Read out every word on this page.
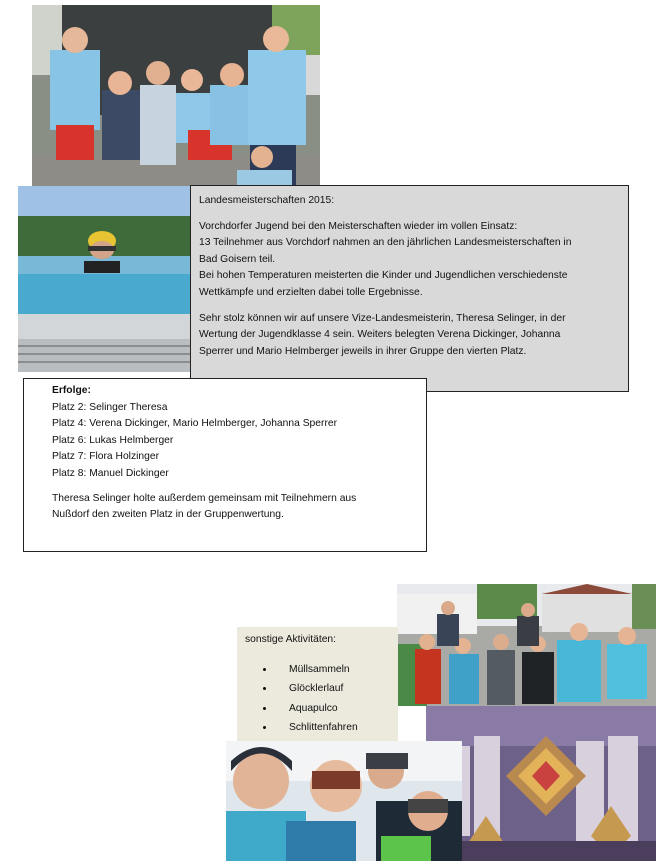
Landesmeisterschaften 2015:

Vorchdorfer Jugend bei den Meisterschaften wieder im vollen Einsatz:

13 Teilnehmer aus Vorchdorf nahmen an den jährlichen Landesmeisterschaften in

Bad Goisern teil.

Bei hohen Temperaturen meisterten die Kinder und Jugendlichen verschiedenste

Wettkämpfe und erzielten dabei tolle Ergebnisse.

Sehr stolz können wir auf unsere Vize-Landesmeisterin, Theresa Selinger, in der

Wertung der Jugendklasse 4 sein. Weiters belegten Verena Dickinger, Johanna

Sperrer und Mario Helmberger jeweils in ihrer Gruppe den vierten Platz.

Erfolge:

Platz 2: Selinger Theresa

Platz 4: Verena Dickinger, Mario Helmberger, Johanna Sperrer

Platz 6: Lukas Helmberger

Platz 7: Flora Holzinger

Platz 8: Manuel Dickinger

Theresa Selinger holte außerdem gemeinsam mit Teilnehmern aus

Nußdorf den zweiten Platz in der Gruppenwertung.

sonstige Aktivitäten:

• Müllsammeln
• Glöcklerlauf
• Aquapulco
• Schlittenfahren
